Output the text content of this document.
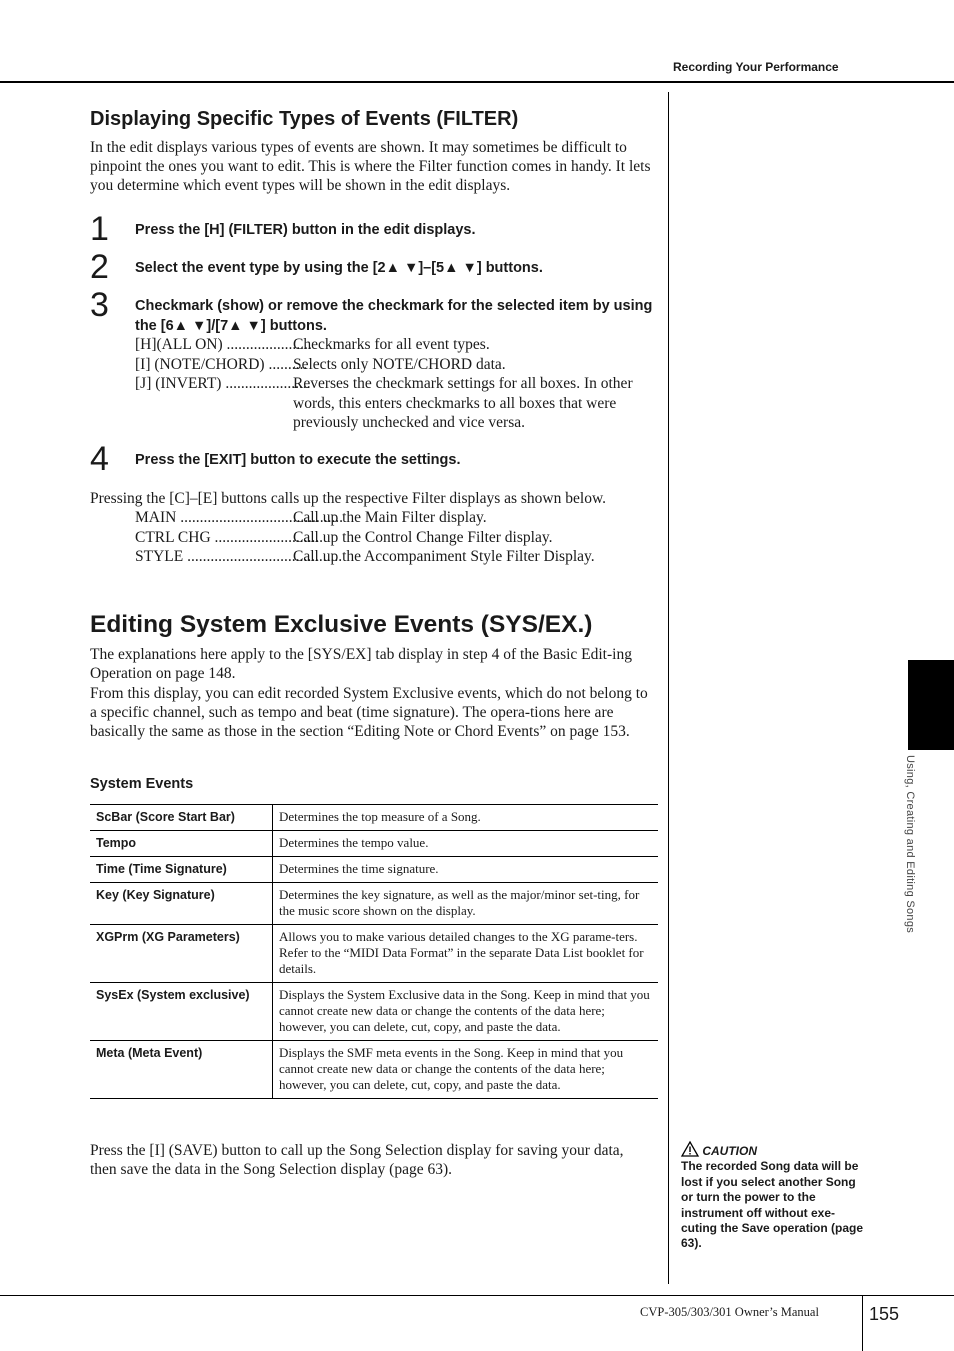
Recording Your Performance
Using, Creating and Editing Songs
Displaying Specific Types of Events (FILTER)

In the edit displays various types of events are shown. It may sometimes be difficult to pinpoint the ones you want to edit. This is where the Filter function comes in handy. It lets you determine which event types will be shown in the edit displays.

1 Press the [H] (FILTER) button in the edit displays.
2 Select the event type by using the [2▲ ▼]–[5▲ ▼] buttons.
3 Checkmark (show) or remove the checkmark for the selected item by using the [6▲ ▼]/[7▲ ▼] buttons.
[H](ALL ON) ......................
Checkmarks for all event types.
[I] (NOTE/CHORD) ..........
Selects only NOTE/CHORD data.
[J] (INVERT) ......................
Reverses the checkmark settings for all boxes. In other words, this enters checkmarks to all boxes that were previously unchecked and vice versa.
4 Press the [EXIT] button to execute the settings.

Pressing the [C]–[E] buttons calls up the respective Filter displays as shown below.

MAIN ..........................................
Call up the Main Filter display.
CTRL CHG ............................
Call up the Control Change Filter display.
STYLE ........................................
Call up the Accompaniment Style Filter Display.
Editing System Exclusive Events (SYS/EX.)

The explanations here apply to the [SYS/EX] tab display in step 4 of the Basic Edit-ing Operation on page 148.

From this display, you can edit recorded System Exclusive events, which do not belong to a specific channel, such as tempo and beat (time signature). The opera-tions here are basically the same as those in the section “Editing Note or Chord Events” on page 153.

System Events
ScBar (Score Start Bar)	Determines the top measure of a Song.
Tempo	Determines the tempo value.
Time (Time Signature)	Determines the time signature.
Key (Key Signature)	Determines the key signature, as well as the major/minor set-ting, for the music score shown on the display.
XGPrm (XG Parameters)	Allows you to make various detailed changes to the XG parame-ters. Refer to the “MIDI Data Format” in the separate Data List booklet for details.
SysEx (System exclusive)	Displays the System Exclusive data in the Song. Keep in mind that you cannot create new data or change the contents of the data here; however, you can delete, cut, copy, and paste the data.
Meta (Meta Event)	Displays the SMF meta events in the Song. Keep in mind that you cannot create new data or change the contents of the data here; however, you can delete, cut, copy, and paste the data.

Press the [I] (SAVE) button to call up the Song Selection display for saving your data, then save the data in the Song Selection display (page 63).

CAUTION
The recorded Song data will be lost if you select another Song or turn the power to the instrument off without exe-cuting the Save operation (page 63).
CVP-305/303/301 Owner’s Manual	155
